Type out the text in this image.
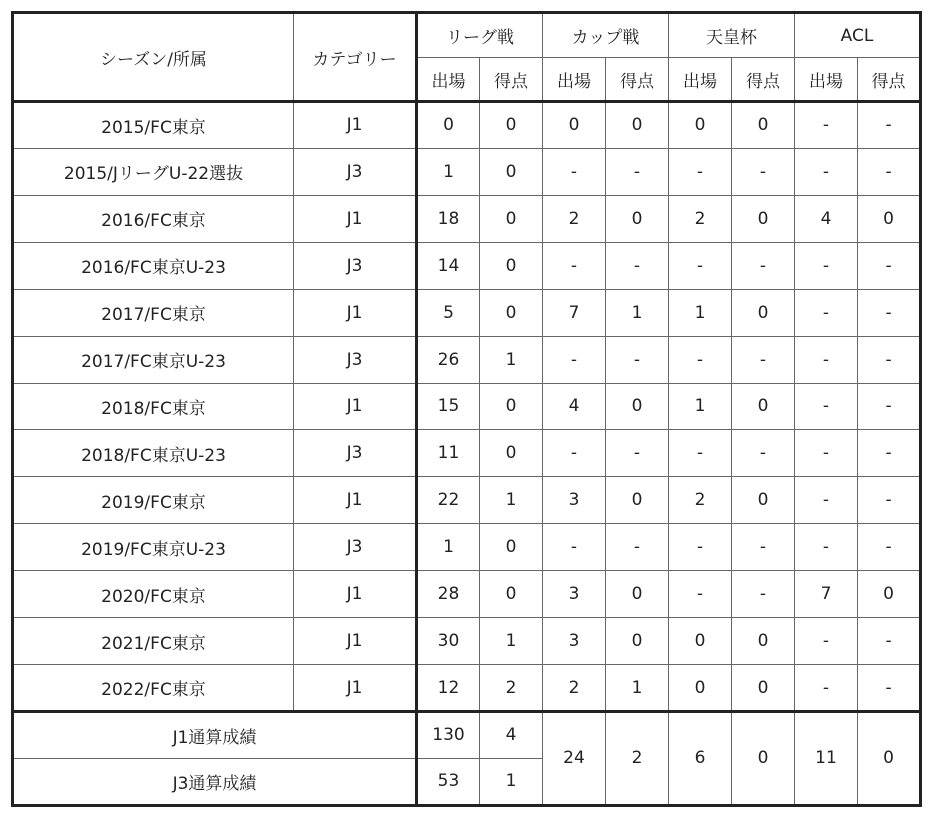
シーズン/所属	カテゴリー	リーグ戦		カップ戦		天皇杯		ACL	
		出場	得点	出場	得点	出場	得点	出場	得点
2015/FC東京	J1	0	0	0	0	0	0	-	-
2015/JリーグU-22選抜	J3	1	0	-	-	-	-	-	-
2016/FC東京	J1	18	0	2	0	2	0	4	0
2016/FC東京U-23	J3	14	0	-	-	-	-	-	-
2017/FC東京	J1	5	0	7	1	1	0	-	-
2017/FC東京U-23	J3	26	1	-	-	-	-	-	-
2018/FC東京	J1	15	0	4	0	1	0	-	-
2018/FC東京U-23	J3	11	0	-	-	-	-	-	-
2019/FC東京	J1	22	1	3	0	2	0	-	-
2019/FC東京U-23	J3	1	0	-	-	-	-	-	-
2020/FC東京	J1	28	0	3	0	-	-	7	0
2021/FC東京	J1	30	1	3	0	0	0	-	-
2022/FC東京	J1	12	2	2	1	0	0	-	-
J1通算成績		130	4	24	2	6	0	11	0
J3通算成績		53	1						
